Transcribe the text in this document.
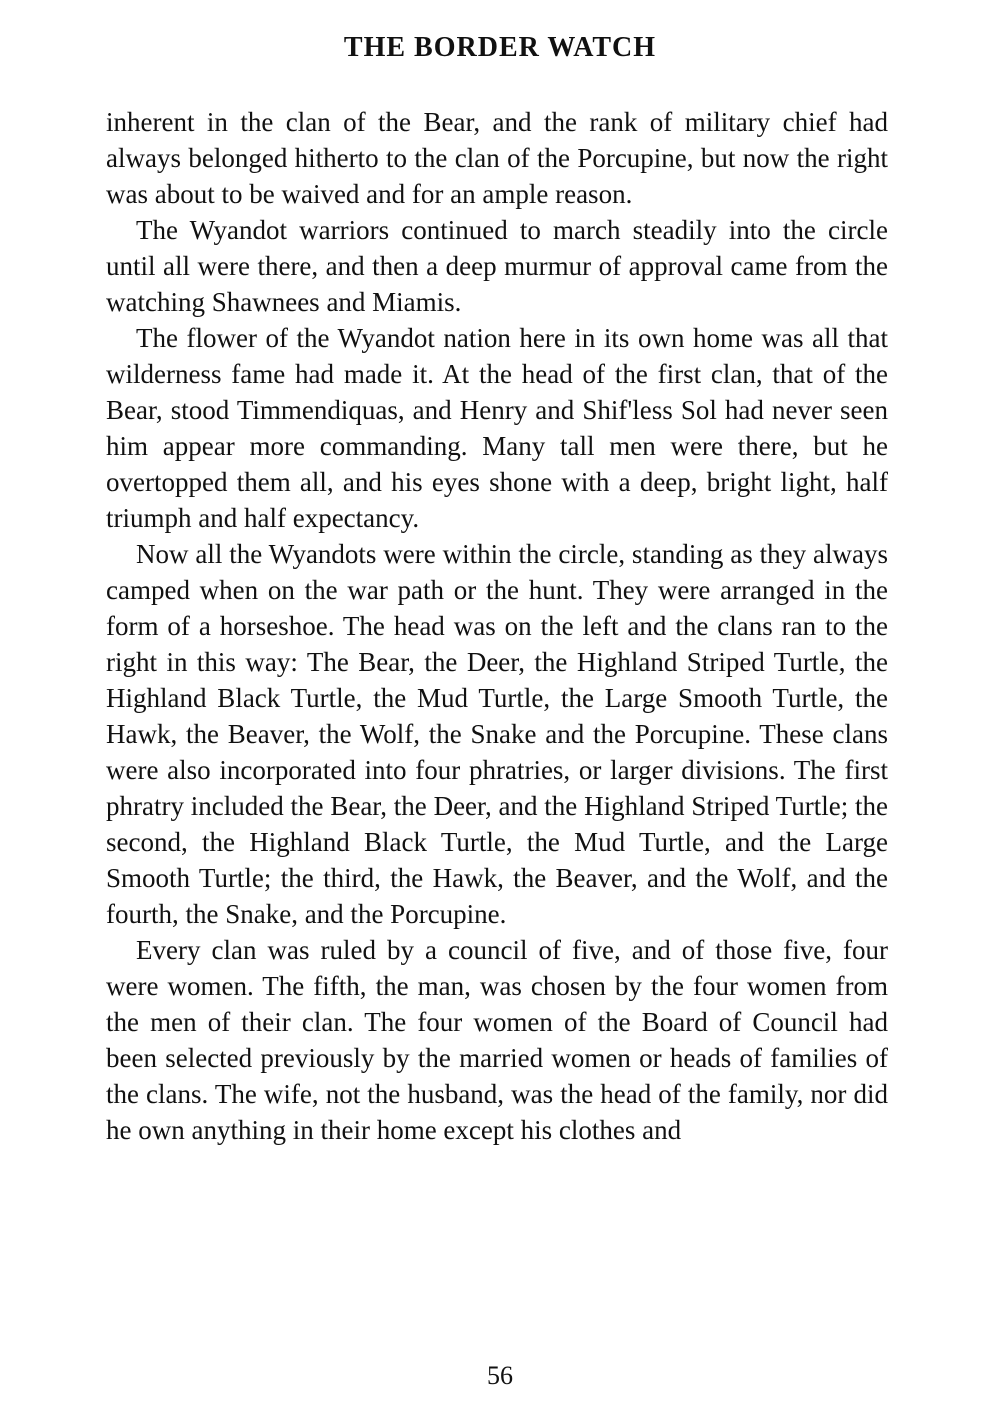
THE BORDER WATCH

inherent in the clan of the Bear, and the rank of military chief had always belonged hitherto to the clan of the Porcupine, but now the right was about to be waived and for an ample reason.

The Wyandot warriors continued to march steadily into the circle until all were there, and then a deep murmur of approval came from the watching Shawnees and Miamis.

The flower of the Wyandot nation here in its own home was all that wilderness fame had made it. At the head of the first clan, that of the Bear, stood Timmendiquas, and Henry and Shif'less Sol had never seen him appear more commanding. Many tall men were there, but he overtopped them all, and his eyes shone with a deep, bright light, half triumph and half expectancy.

Now all the Wyandots were within the circle, standing as they always camped when on the war path or the hunt. They were arranged in the form of a horseshoe. The head was on the left and the clans ran to the right in this way: The Bear, the Deer, the Highland Striped Turtle, the Highland Black Turtle, the Mud Turtle, the Large Smooth Turtle, the Hawk, the Beaver, the Wolf, the Snake and the Porcupine. These clans were also incorporated into four phratries, or larger divisions. The first phratry included the Bear, the Deer, and the Highland Striped Turtle; the second, the Highland Black Turtle, the Mud Turtle, and the Large Smooth Turtle; the third, the Hawk, the Beaver, and the Wolf, and the fourth, the Snake, and the Porcupine.

Every clan was ruled by a council of five, and of those five, four were women. The fifth, the man, was chosen by the four women from the men of their clan. The four women of the Board of Council had been selected previously by the married women or heads of families of the clans. The wife, not the husband, was the head of the family, nor did he own anything in their home except his clothes and

56
